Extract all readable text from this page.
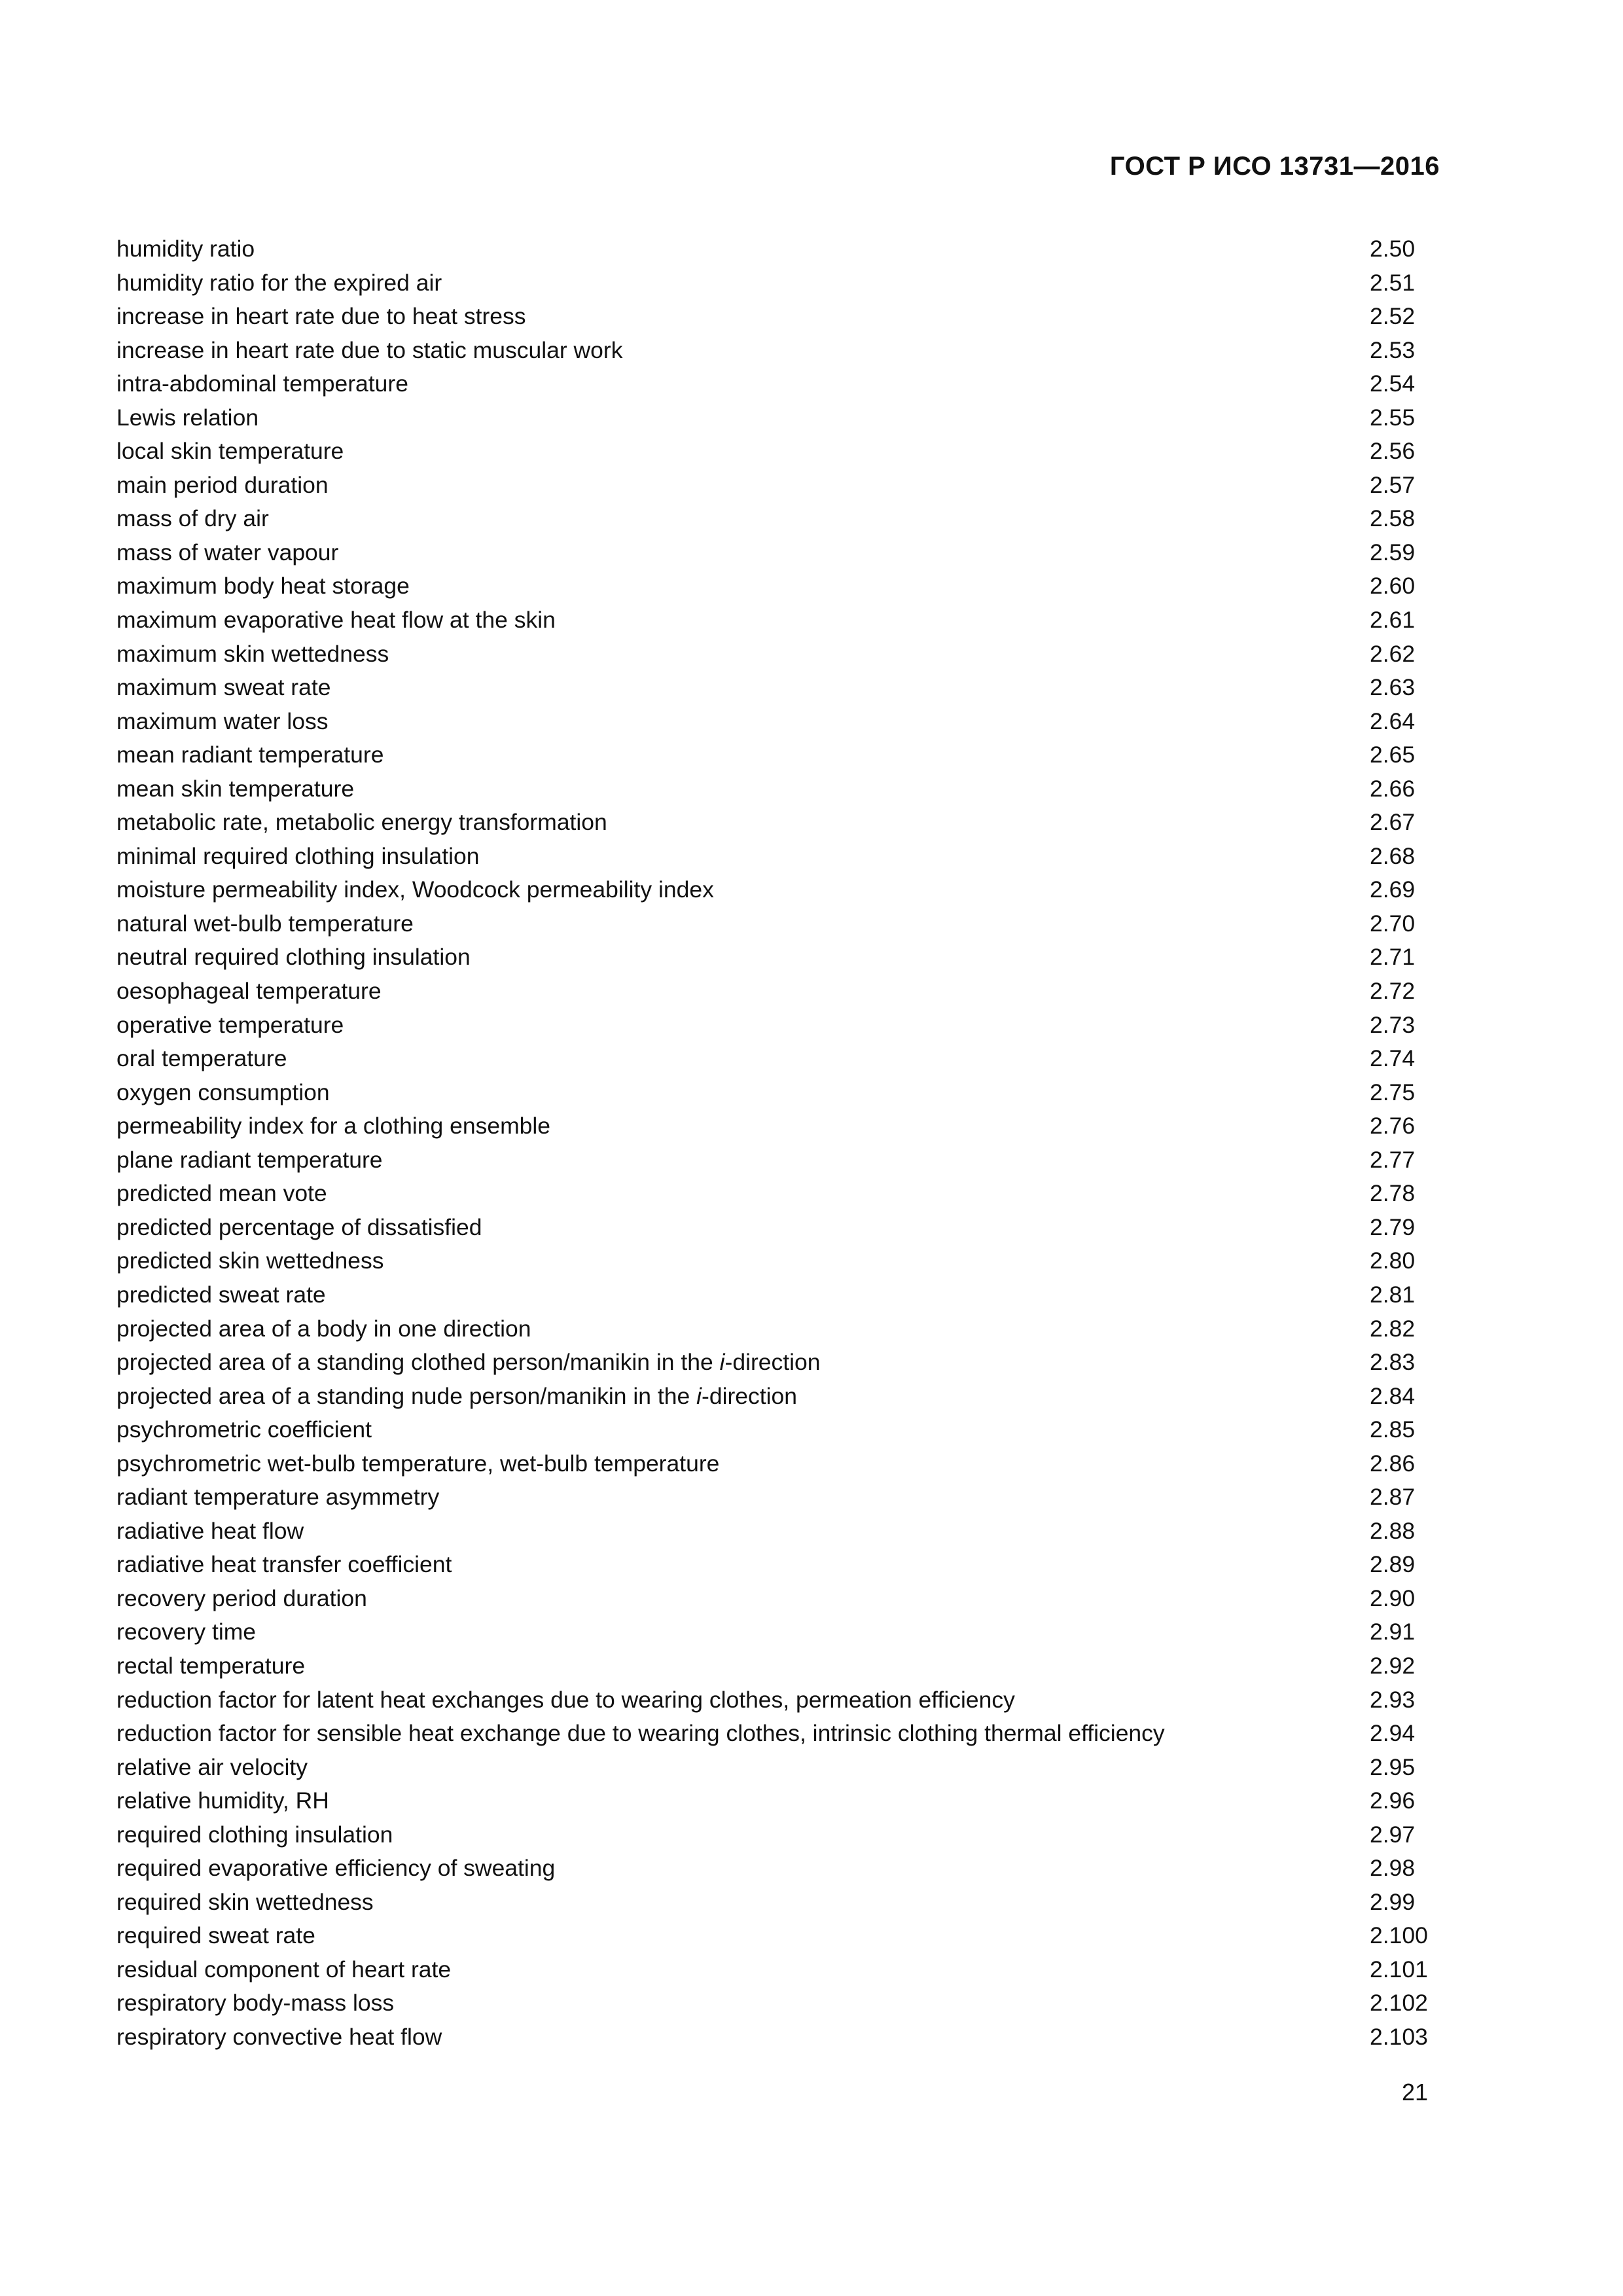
ГОСТ Р ИСО 13731—2016
humidity ratio	2.50
humidity ratio for the expired air	2.51
increase in heart rate due to heat stress	2.52
increase in heart rate due to static muscular work	2.53
intra-abdominal temperature	2.54
Lewis relation	2.55
local skin temperature	2.56
main period duration	2.57
mass of dry air	2.58
mass of water vapour	2.59
maximum body heat storage	2.60
maximum evaporative heat flow at the skin	2.61
maximum skin wettedness	2.62
maximum sweat rate	2.63
maximum water loss	2.64
mean radiant temperature	2.65
mean skin temperature	2.66
metabolic rate, metabolic energy transformation	2.67
minimal required clothing insulation	2.68
moisture permeability index, Woodcock permeability index	2.69
natural wet-bulb temperature	2.70
neutral required clothing insulation	2.71
oesophageal temperature	2.72
operative temperature	2.73
oral temperature	2.74
oxygen consumption	2.75
permeability index for a clothing ensemble	2.76
plane radiant temperature	2.77
predicted mean vote	2.78
predicted percentage of dissatisfied	2.79
predicted skin wettedness	2.80
predicted sweat rate	2.81
projected area of a body in one direction	2.82
projected area of a standing clothed person/manikin in the i-direction	2.83
projected area of a standing nude person/manikin in the i-direction	2.84
psychrometric coefficient	2.85
psychrometric wet-bulb temperature, wet-bulb temperature	2.86
radiant temperature asymmetry	2.87
radiative heat flow	2.88
radiative heat transfer coefficient	2.89
recovery period duration	2.90
recovery time	2.91
rectal temperature	2.92
reduction factor for latent heat exchanges due to wearing clothes, permeation efficiency	2.93
reduction factor for sensible heat exchange due to wearing clothes, intrinsic clothing thermal efficiency	2.94
relative air velocity	2.95
relative humidity, RH	2.96
required clothing insulation	2.97
required evaporative efficiency of sweating	2.98
required skin wettedness	2.99
required sweat rate	2.100
residual component of heart rate	2.101
respiratory body-mass loss	2.102
respiratory convective heat flow	2.103
21
